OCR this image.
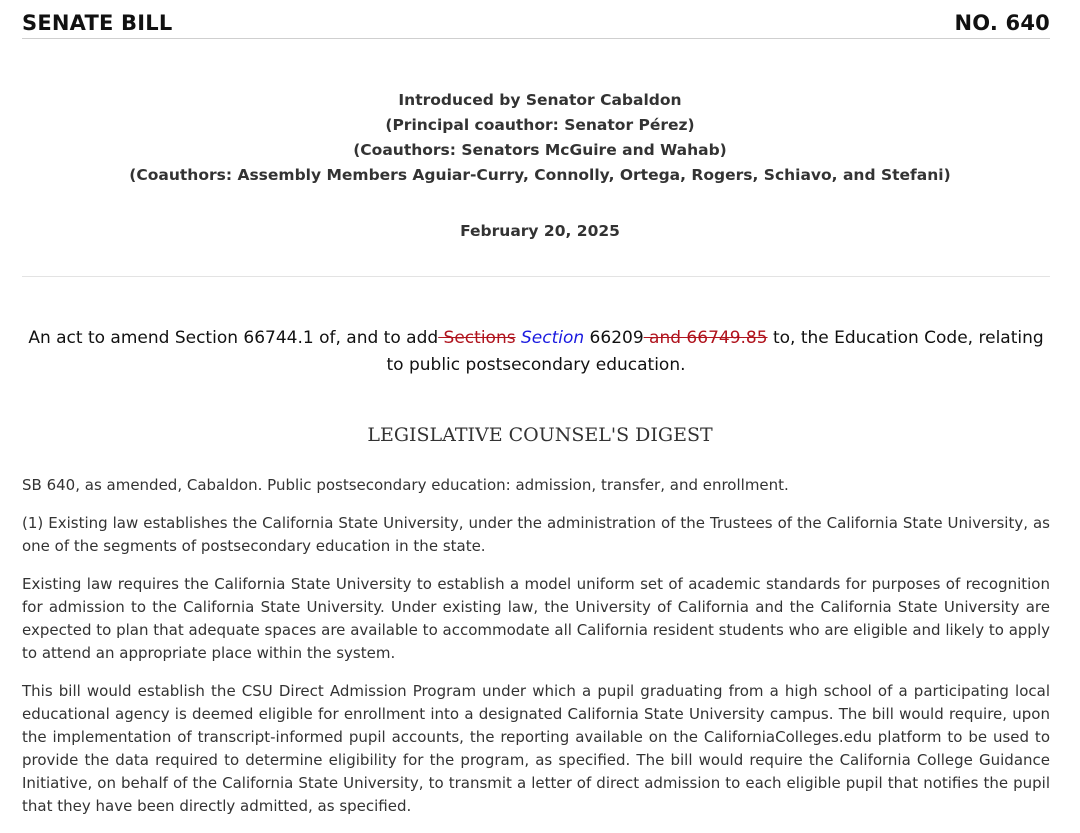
SENATE BILL	NO. 640
Introduced by Senator Cabaldon
(Principal coauthor: Senator Pérez)
(Coauthors: Senators McGuire and Wahab)
(Coauthors: Assembly Members Aguiar-Curry, Connolly, Ortega, Rogers, Schiavo, and Stefani)
February 20, 2025
An act to amend Section 66744.1 of, and to add Sections Section 66209 and 66749.85 to, the Education Code, relating to public postsecondary education.
LEGISLATIVE COUNSEL'S DIGEST

SB 640, as amended, Cabaldon. Public postsecondary education: admission, transfer, and enrollment.

(1) Existing law establishes the California State University, under the administration of the Trustees of the California State University, as one of the segments of postsecondary education in the state.

Existing law requires the California State University to establish a model uniform set of academic standards for purposes of recognition for admission to the California State University. Under existing law, the University of California and the California State University are expected to plan that adequate spaces are available to accommodate all California resident students who are eligible and likely to apply to attend an appropriate place within the system.

This bill would establish the CSU Direct Admission Program under which a pupil graduating from a high school of a participating local educational agency is deemed eligible for enrollment into a designated California State University campus. The bill would require, upon the implementation of transcript-informed pupil accounts, the reporting available on the CaliforniaColleges.edu platform to be used to provide the data required to determine eligibility for the program, as specified. The bill would require the California College Guidance Initiative, on behalf of the California State University, to transmit a letter of direct admission to each eligible pupil that notifies the pupil that they have been directly admitted, as specified.
